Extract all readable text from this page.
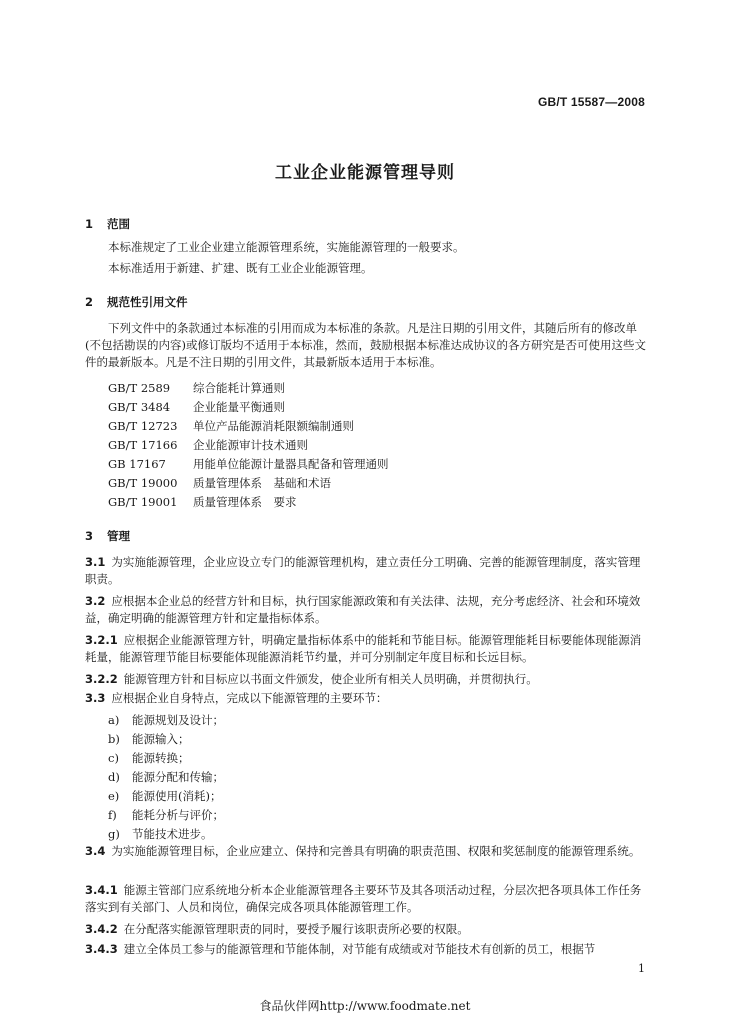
GB/T 15587—2008
工业企业能源管理导则
1 范围
本标准规定了工业企业建立能源管理系统，实施能源管理的一般要求。
本标准适用于新建、扩建、既有工业企业能源管理。
2 规范性引用文件
下列文件中的条款通过本标准的引用而成为本标准的条款。凡是注日期的引用文件，其随后所有的修改单(不包括勘误的内容)或修订版均不适用于本标准，然而，鼓励根据本标准达成协议的各方研究是否可使用这些文件的最新版本。凡是不注日期的引用文件，其最新版本适用于本标准。
GB/T 2589 综合能耗计算通则
GB/T 3484 企业能量平衡通则
GB/T 12723 单位产品能源消耗限额编制通则
GB/T 17166 企业能源审计技术通则
GB 17167 用能单位能源计量器具配备和管理通则
GB/T 19000 质量管理体系　基础和术语
GB/T 19001 质量管理体系　要求
3 管理
3.1 为实施能源管理，企业应设立专门的能源管理机构，建立责任分工明确、完善的能源管理制度，落实管理职责。
3.2 应根据本企业总的经营方针和目标，执行国家能源政策和有关法律、法规，充分考虑经济、社会和环境效益，确定明确的能源管理方针和定量指标体系。
3.2.1 应根据企业能源管理方针，明确定量指标体系中的能耗和节能目标。能源管理能耗目标要能体现能源消耗量，能源管理节能目标要能体现能源消耗节约量，并可分别制定年度目标和长远目标。
3.2.2 能源管理方针和目标应以书面文件颁发，使企业所有相关人员明确，并贯彻执行。
3.3 应根据企业自身特点，完成以下能源管理的主要环节：
a) 能源规划及设计；
b) 能源输入；
c) 能源转换；
d) 能源分配和传输；
e) 能源使用(消耗)；
f) 能耗分析与评价；
g) 节能技术进步。
3.4 为实施能源管理目标，企业应建立、保持和完善具有明确的职责范围、权限和奖惩制度的能源管理系统。
3.4.1 能源主管部门应系统地分析本企业能源管理各主要环节及其各项活动过程，分层次把各项具体工作任务落实到有关部门、人员和岗位，确保完成各项具体能源管理工作。
3.4.2 在分配落实能源管理职责的同时，要授予履行该职责所必要的权限。
3.4.3 建立全体员工参与的能源管理和节能体制，对节能有成绩或对节能技术有创新的员工，根据节
1
食品伙伴网http://www.foodmate.net
